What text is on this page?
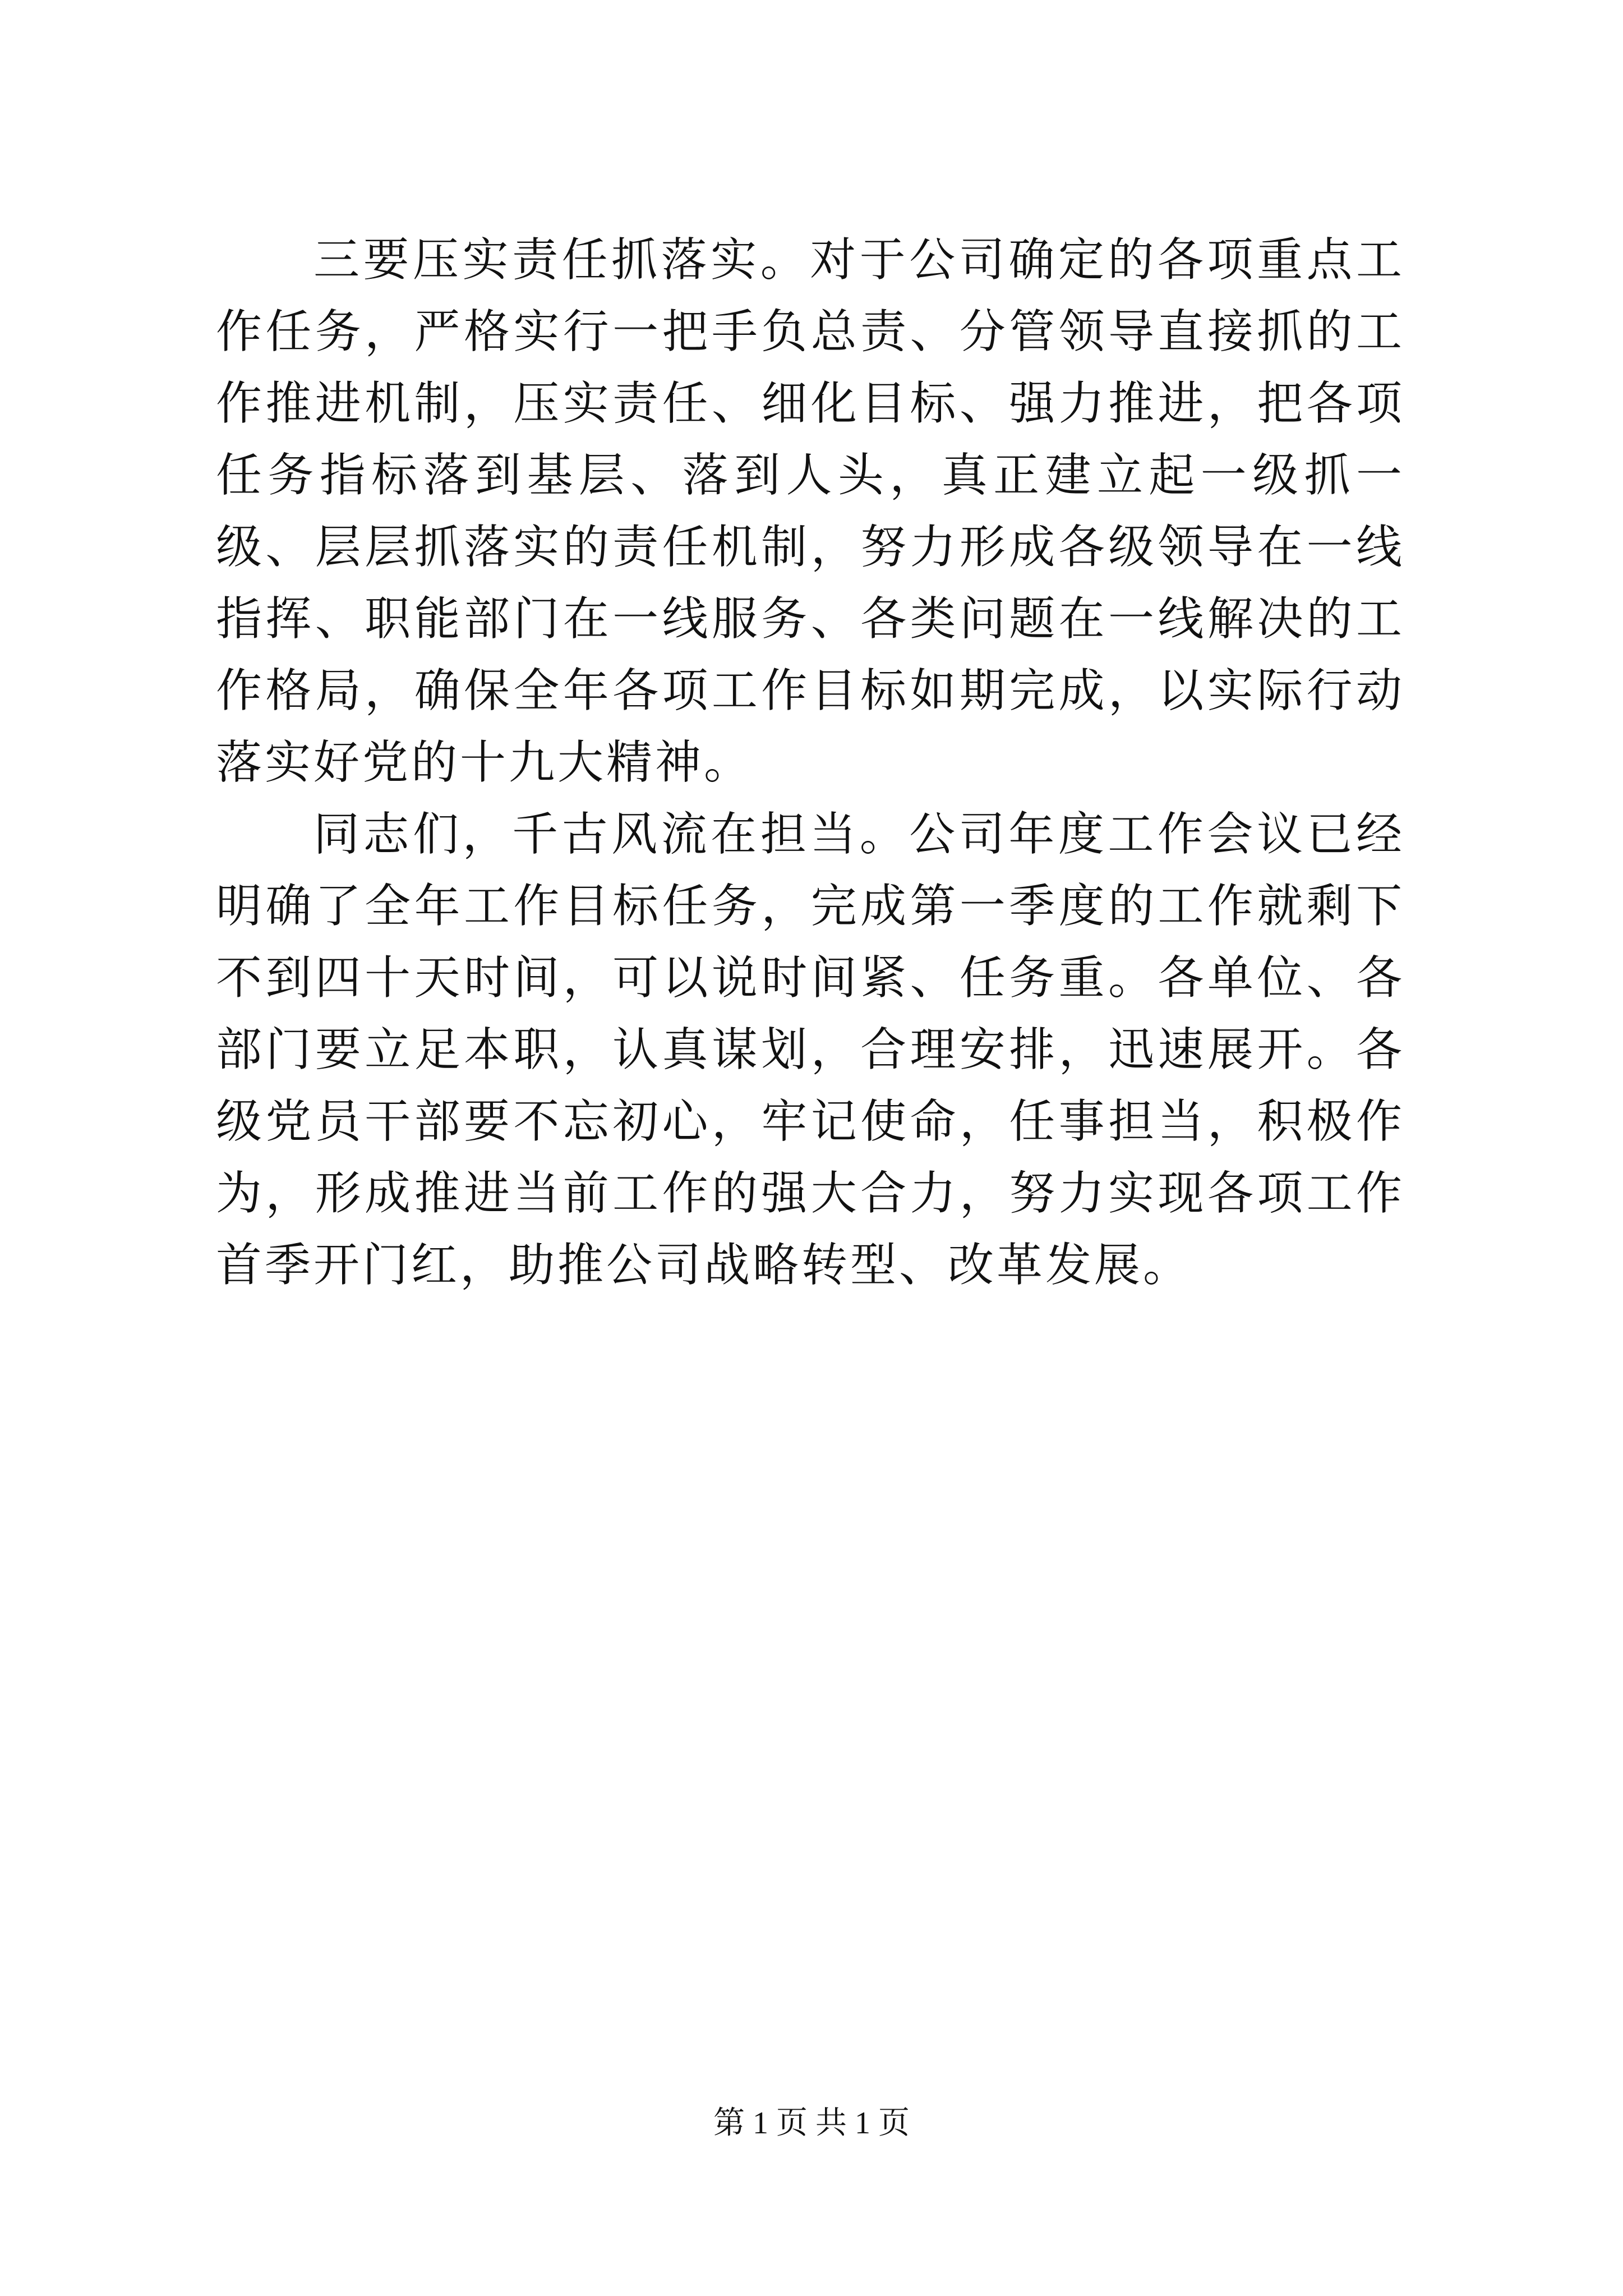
三要压实责任抓落实。对于公司确定的各项重点工作任务，严格实行一把手负总责、分管领导直接抓的工作推进机制，压实责任、细化目标、强力推进，把各项任务指标落到基层、落到人头，真正建立起一级抓一级、层层抓落实的责任机制，努力形成各级领导在一线指挥、职能部门在一线服务、各类问题在一线解决的工作格局，确保全年各项工作目标如期完成，以实际行动落实好党的十九大精神。

同志们，千古风流在担当。公司年度工作会议已经明确了全年工作目标任务，完成第一季度的工作就剩下不到四十天时间，可以说时间紧、任务重。各单位、各部门要立足本职，认真谋划，合理安排，迅速展开。各级党员干部要不忘初心，牢记使命，任事担当，积极作为，形成推进当前工作的强大合力，努力实现各项工作首季开门红，助推公司战略转型、改革发展。

第 1 页 共 1 页
